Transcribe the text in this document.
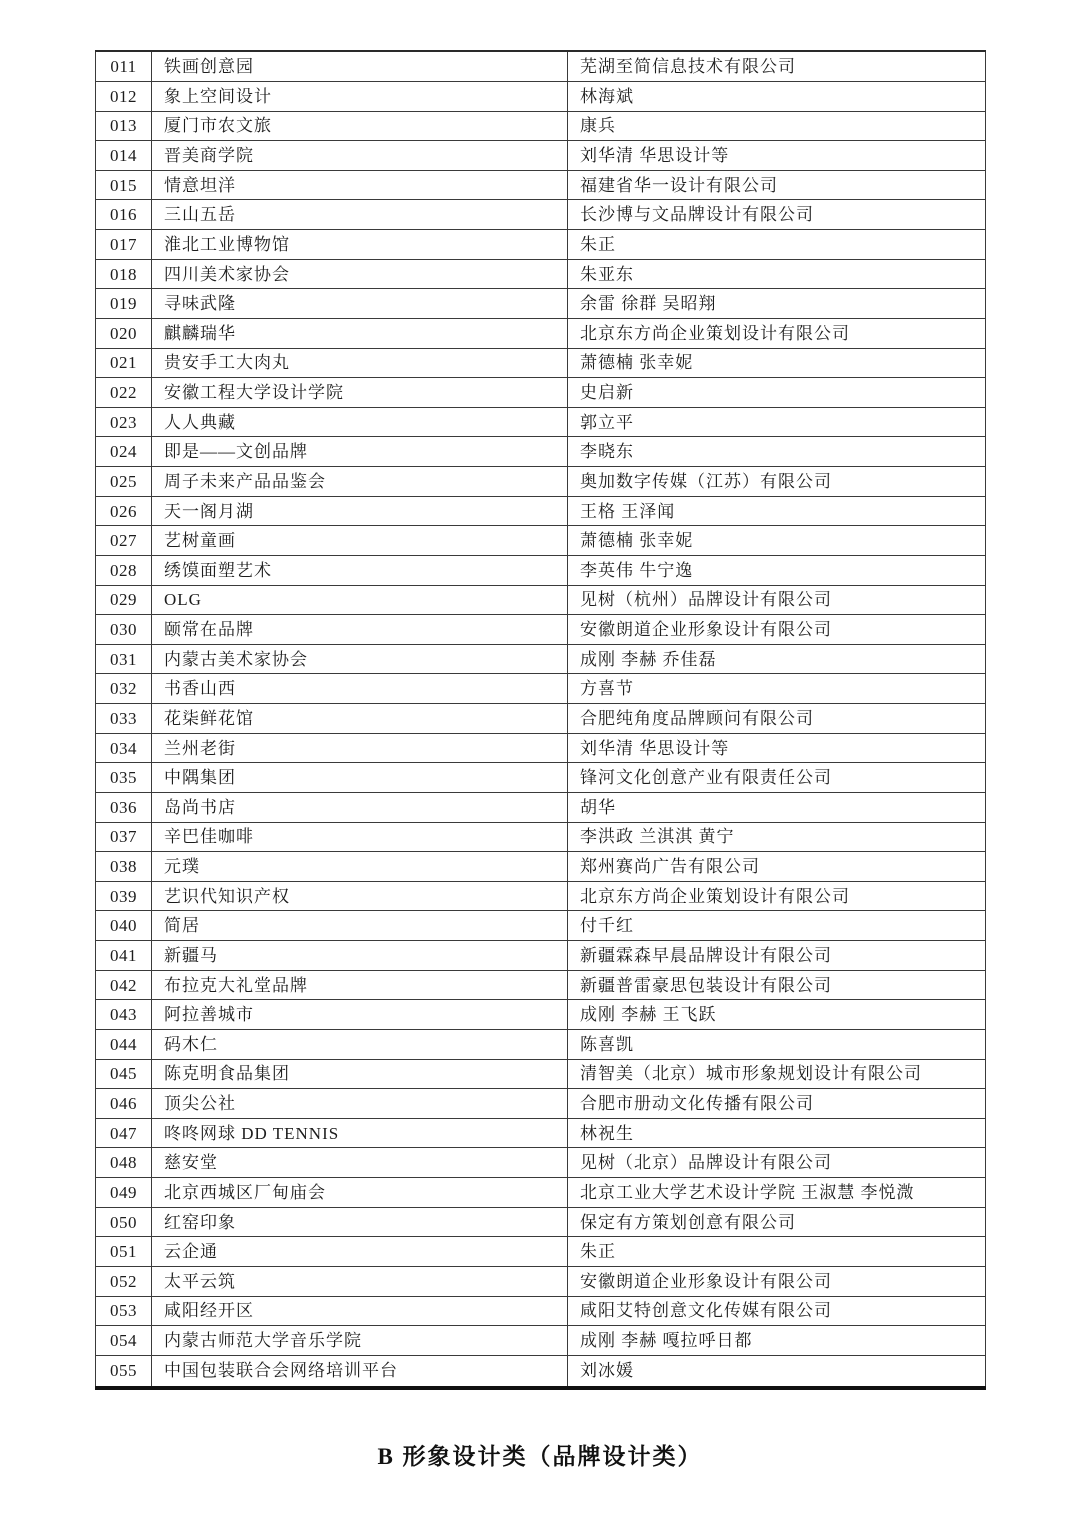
011	铁画创意园	芜湖至简信息技术有限公司
012	象上空间设计	林海斌
013	厦门市农文旅	康兵
014	晋美商学院	刘华清 华思设计等
015	情意坦洋	福建省华一设计有限公司
016	三山五岳	长沙博与文品牌设计有限公司
017	淮北工业博物馆	朱正
018	四川美术家协会	朱亚东
019	寻味武隆	余雷 徐群 吴昭翔
020	麒麟瑞华	北京东方尚企业策划设计有限公司
021	贵安手工大肉丸	萧德楠 张幸妮
022	安徽工程大学设计学院	史启新
023	人人典藏	郭立平
024	即是——文创品牌	李晓东
025	周子未来产品品鉴会	奥加数字传媒（江苏）有限公司
026	天一阁月湖	王格 王泽闻
027	艺树童画	萧德楠 张幸妮
028	绣馍面塑艺术	李英伟 牛宁逸
029	OLG	见树（杭州）品牌设计有限公司
030	颐常在品牌	安徽朗道企业形象设计有限公司
031	内蒙古美术家协会	成刚 李赫 乔佳磊
032	书香山西	方喜节
033	花柒鲜花馆	合肥纯角度品牌顾问有限公司
034	兰州老街	刘华清 华思设计等
035	中隅集团	锋河文化创意产业有限责任公司
036	岛尚书店	胡华
037	辛巴佳咖啡	李洪政 兰淇淇 黄宁
038	元璞	郑州赛尚广告有限公司
039	艺识代知识产权	北京东方尚企业策划设计有限公司
040	简居	付千红
041	新疆马	新疆霖森早晨品牌设计有限公司
042	布拉克大礼堂品牌	新疆普雷豪思包装设计有限公司
043	阿拉善城市	成刚 李赫 王飞跃
044	码木仁	陈喜凯
045	陈克明食品集团	清智美（北京）城市形象规划设计有限公司
046	顶尖公社	合肥市册动文化传播有限公司
047	咚咚网球 DD TENNIS	林祝生
048	慈安堂	见树（北京）品牌设计有限公司
049	北京西城区厂甸庙会	北京工业大学艺术设计学院 王淑慧 李悦溦
050	红窑印象	保定有方策划创意有限公司
051	云企通	朱正
052	太平云筑	安徽朗道企业形象设计有限公司
053	咸阳经开区	咸阳艾特创意文化传媒有限公司
054	内蒙古师范大学音乐学院	成刚 李赫 嘎拉呼日都
055	中国包装联合会网络培训平台	刘冰媛
B 形象设计类（品牌设计类）
